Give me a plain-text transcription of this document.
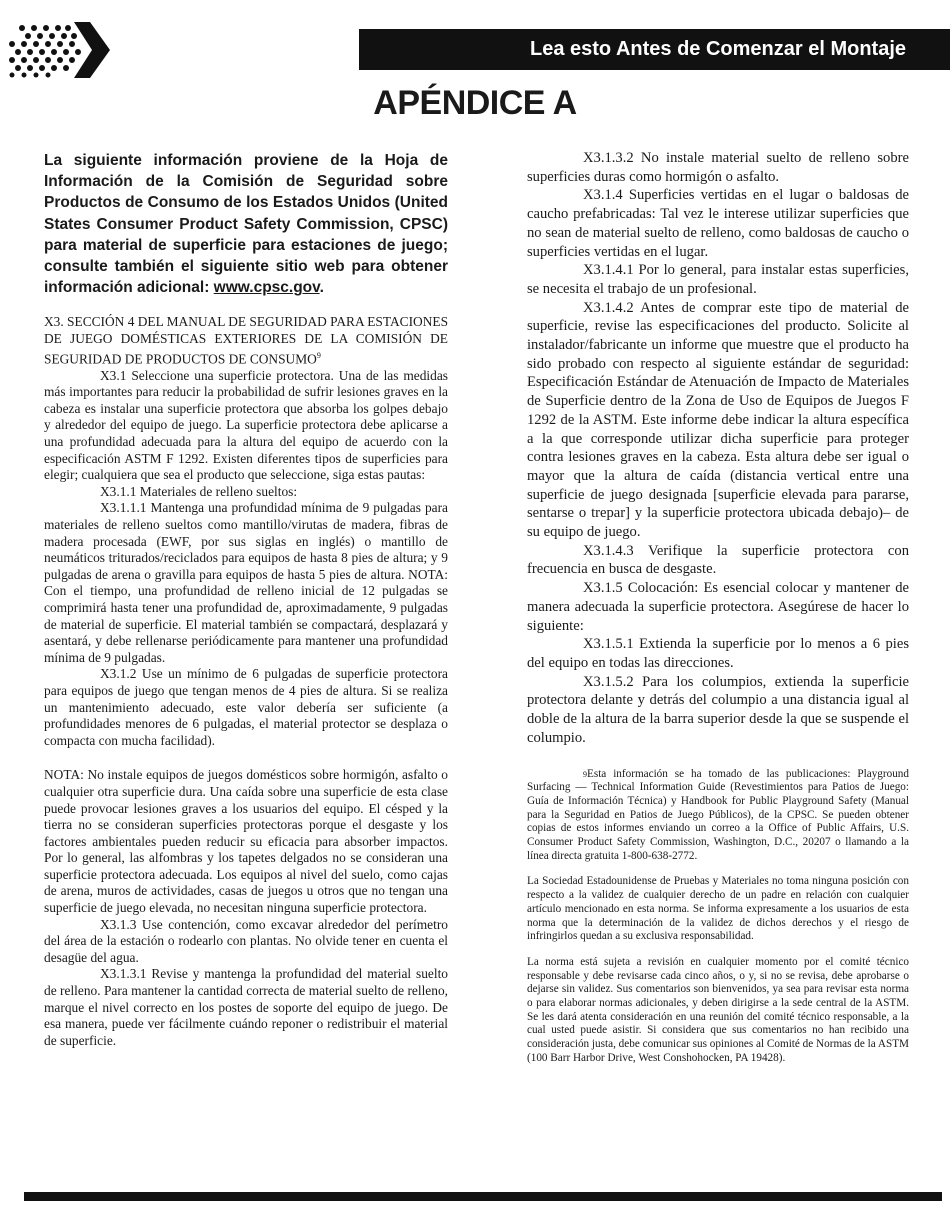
Lea esto Antes de Comenzar el Montaje
APÉNDICE A

La siguiente información proviene de la Hoja de Información de la Comisión de Seguridad sobre Productos de Consumo de los Estados Unidos (United States Consumer Product Safety Commission, CPSC) para material de superficie para estaciones de juego; consulte también el siguiente sitio web para obtener información adicional: www.cpsc.gov.

X3. SECCIÓN 4 DEL MANUAL DE SEGURIDAD PARA ESTACIONES DE JUEGO DOMÉSTICAS EXTERIORES DE LA COMISIÓN DE SEGURIDAD DE PRODUCTOS DE CONSUMO$^9$

X3.1 Seleccione una superficie protectora. Una de las medidas más importantes para reducir la probabilidad de sufrir lesiones graves en la cabeza es instalar una superficie protectora que absorba los golpes debajo y alrededor del equipo de juego. La superficie protectora debe aplicarse a una profundidad adecuada para la altura del equipo de acuerdo con la especificación ASTM F 1292. Existen diferentes tipos de superficies para elegir; cualquiera que sea el producto que seleccione, siga estas pautas:

X3.1.1 Materiales de relleno sueltos:

X3.1.1.1 Mantenga una profundidad mínima de 9 pulgadas para materiales de relleno sueltos como mantillo/virutas de madera, fibras de madera procesada (EWF, por sus siglas en inglés) o mantillo de neumáticos triturados/reciclados para equipos de hasta 8 pies de altura; y 9 pulgadas de arena o gravilla para equipos de hasta 5 pies de altura. NOTA: Con el tiempo, una profundidad de relleno inicial de 12 pulgadas se comprimirá hasta tener una profundidad de, aproximadamente, 9 pulgadas de material de superficie. El material también se compactará, desplazará y asentará, y debe rellenarse periódicamente para mantener una profundidad mínima de 9 pulgadas.

X3.1.2 Use un mínimo de 6 pulgadas de superficie protectora para equipos de juego que tengan menos de 4 pies de altura. Si se realiza un mantenimiento adecuado, este valor debería ser suficiente (a profundidades menores de 6 pulgadas, el material protector se desplaza o compacta con mucha facilidad).

NOTA: No instale equipos de juegos domésticos sobre hormigón, asfalto o cualquier otra superficie dura. Una caída sobre una superficie de esta clase puede provocar lesiones graves a los usuarios del equipo. El césped y la tierra no se consideran superficies protectoras porque el desgaste y los factores ambientales pueden reducir su eficacia para absorber impactos. Por lo general, las alfombras y los tapetes delgados no se consideran una superficie protectora adecuada. Los equipos al nivel del suelo, como cajas de arena, muros de actividades, casas de juegos u otros que no tengan una superficie de juego elevada, no necesitan ninguna superficie protectora.

X3.1.3 Use contención, como excavar alrededor del perímetro del área de la estación o rodearlo con plantas. No olvide tener en cuenta el desagüe del agua.

X3.1.3.1 Revise y mantenga la profundidad del material suelto de relleno. Para mantener la cantidad correcta de material suelto de relleno, marque el nivel correcto en los postes de soporte del equipo de juego. De esa manera, puede ver fácilmente cuándo reponer o redistribuir el material de superficie.

X3.1.3.2 No instale material suelto de relleno sobre superficies duras como hormigón o asfalto.

X3.1.4 Superficies vertidas en el lugar o baldosas de caucho prefabricadas: Tal vez le interese utilizar superficies que no sean de material suelto de relleno, como baldosas de caucho o superficies vertidas en el lugar.

X3.1.4.1 Por lo general, para instalar estas superficies, se necesita el trabajo de un profesional.

X3.1.4.2 Antes de comprar este tipo de material de superficie, revise las especificaciones del producto. Solicite al instalador/fabricante un informe que muestre que el producto ha sido probado con respecto al siguiente estándar de seguridad: Especificación Estándar de Atenuación de Impacto de Materiales de Superficie dentro de la Zona de Uso de Equipos de Juegos F 1292 de la ASTM. Este informe debe indicar la altura específica a la que corresponde utilizar dicha superficie para proteger contra lesiones graves en la cabeza. Esta altura debe ser igual o mayor que la altura de caída (distancia vertical entre una superficie de juego designada [superficie elevada para pararse, sentarse o trepar] y la superficie protectora ubicada debajo)– de su equipo de juego.

X3.1.4.3 Verifique la superficie protectora con frecuencia en busca de desgaste.

X3.1.5 Colocación: Es esencial colocar y mantener de manera adecuada la superficie protectora. Asegúrese de hacer lo siguiente:

X3.1.5.1 Extienda la superficie por lo menos a 6 pies del equipo en todas las direcciones.

X3.1.5.2 Para los columpios, extienda la superficie protectora delante y detrás del columpio a una distancia igual al doble de la altura de la barra superior desde la que se suspende el columpio.

$^9$Esta información se ha tomado de las publicaciones: Playground Surfacing — Technical Information Guide (Revestimientos para Patios de Juego: Guía de Información Técnica) y Handbook for Public Playground Safety (Manual para la Seguridad en Patios de Juego Públicos), de la CPSC. Se pueden obtener copias de estos informes enviando un correo a la Office of Public Affairs, U.S. Consumer Product Safety Commission, Washington, D.C., 20207 o llamando a la línea directa gratuita 1-800-638-2772.

La Sociedad Estadounidense de Pruebas y Materiales no toma ninguna posición con respecto a la validez de cualquier derecho de un padre en relación con cualquier artículo mencionado en esta norma. Se informa expresamente a los usuarios de esta norma que la determinación de la validez de dichos derechos y el riesgo de infringirlos quedan a su exclusiva responsabilidad.

La norma está sujeta a revisión en cualquier momento por el comité técnico responsable y debe revisarse cada cinco años, o y, si no se revisa, debe aprobarse o dejarse sin validez. Sus comentarios son bienvenidos, ya sea para revisar esta norma o para elaborar normas adicionales, y deben dirigirse a la sede central de la ASTM. Se les dará atenta consideración en una reunión del comité técnico responsable, a la cual usted puede asistir. Si considera que sus comentarios no han recibido una consideración justa, debe comunicar sus opiniones al Comité de Normas de la ASTM (100 Barr Harbor Drive, West Conshohocken, PA 19428).
